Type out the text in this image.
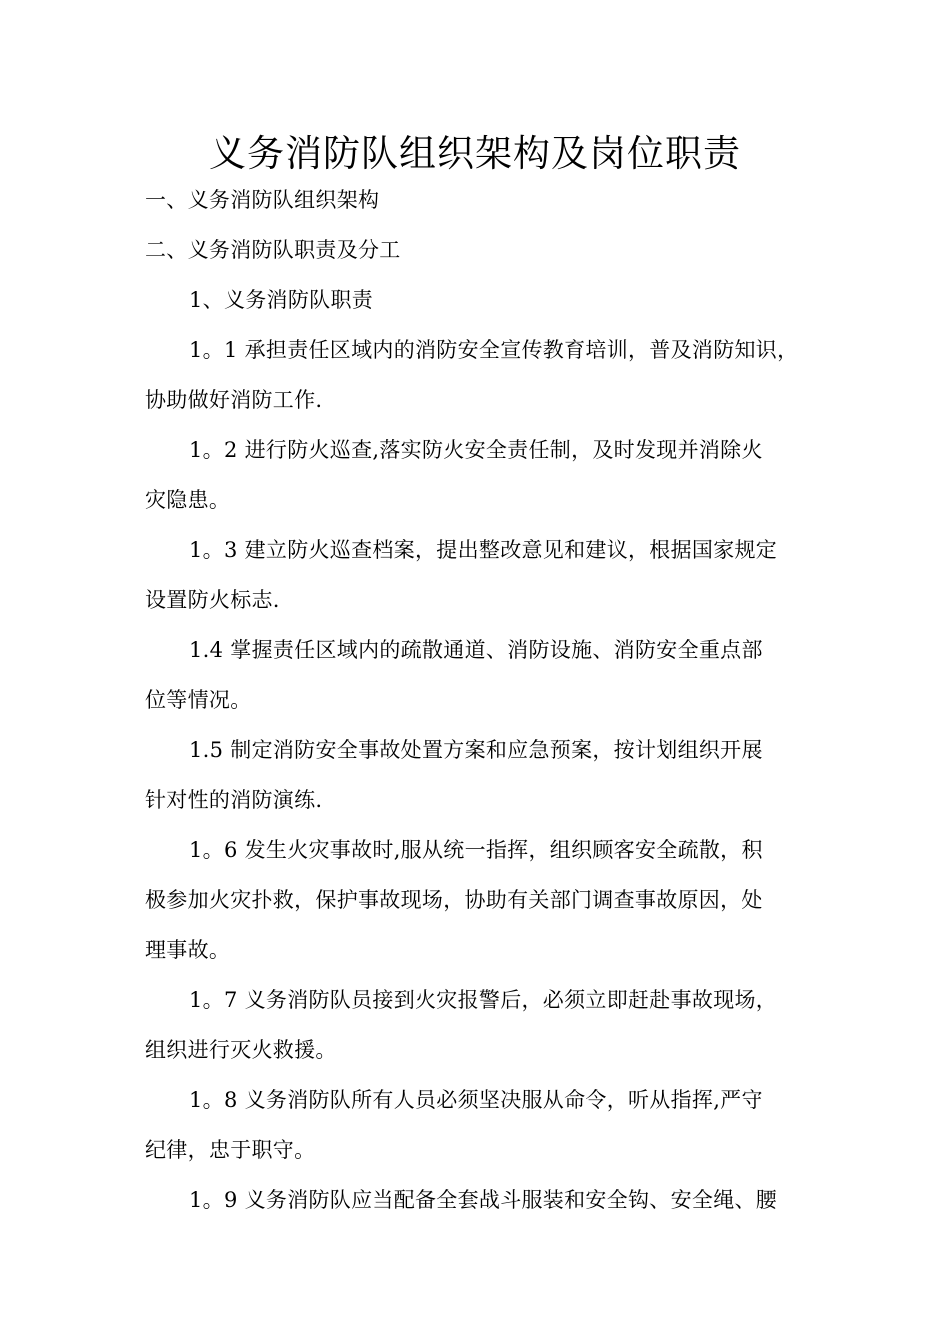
义务消防队组织架构及岗位职责

一、义务消防队组织架构

二、义务消防队职责及分工

1、义务消防队职责

1。1 承担责任区域内的消防安全宣传教育培训，普及消防知识，

协助做好消防工作.

1。2 进行防火巡查,落实防火安全责任制，及时发现并消除火

灾隐患。

1。3 建立防火巡查档案，提出整改意见和建议，根据国家规定

设置防火标志.

1.4 掌握责任区域内的疏散通道、消防设施、消防安全重点部

位等情况。

1.5 制定消防安全事故处置方案和应急预案，按计划组织开展

针对性的消防演练.

1。6 发生火灾事故时,服从统一指挥，组织顾客安全疏散，积

极参加火灾扑救，保护事故现场，协助有关部门调查事故原因，处

理事故。

1。7 义务消防队员接到火灾报警后，必须立即赶赴事故现场，

组织进行灭火救援。

1。8 义务消防队所有人员必须坚决服从命令，听从指挥,严守

纪律，忠于职守。

1。9 义务消防队应当配备全套战斗服装和安全钩、安全绳、腰
